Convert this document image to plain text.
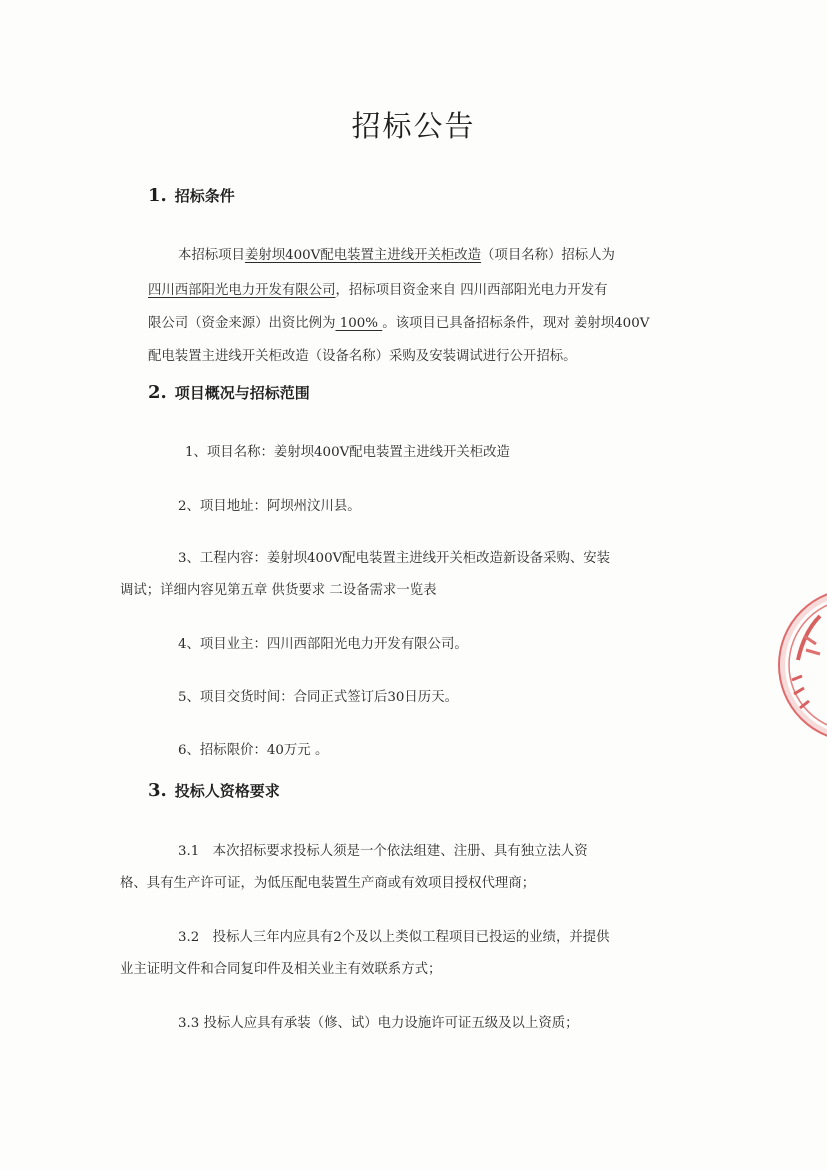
招标公告
1. 招标条件
本招标项目姜射坝400V配电装置主进线开关柜改造（项目名称）招标人为
四川西部阳光电力开发有限公司，招标项目资金来自 四川西部阳光电力开发有
限公司（资金来源）出资比例为 100% 。该项目已具备招标条件，现对 姜射坝400V
配电装置主进线开关柜改造（设备名称）采购及安装调试进行公开招标。
2. 项目概况与招标范围
1、项目名称：姜射坝400V配电装置主进线开关柜改造
2、项目地址：阿坝州汶川县。
3、工程内容：姜射坝400V配电装置主进线开关柜改造新设备采购、安装
调试；详细内容见第五章 供货要求 二设备需求一览表
4、项目业主：四川西部阳光电力开发有限公司。
5、项目交货时间：合同正式签订后30日历天。
6、招标限价：40万元 。
3. 投标人资格要求
3.1　本次招标要求投标人须是一个依法组建、注册、具有独立法人资
格、具有生产许可证，为低压配电装置生产商或有效项目授权代理商；
3.2　投标人三年内应具有2个及以上类似工程项目已投运的业绩，并提供
业主证明文件和合同复印件及相关业主有效联系方式；
3.3 投标人应具有承装（修、试）电力设施许可证五级及以上资质；
